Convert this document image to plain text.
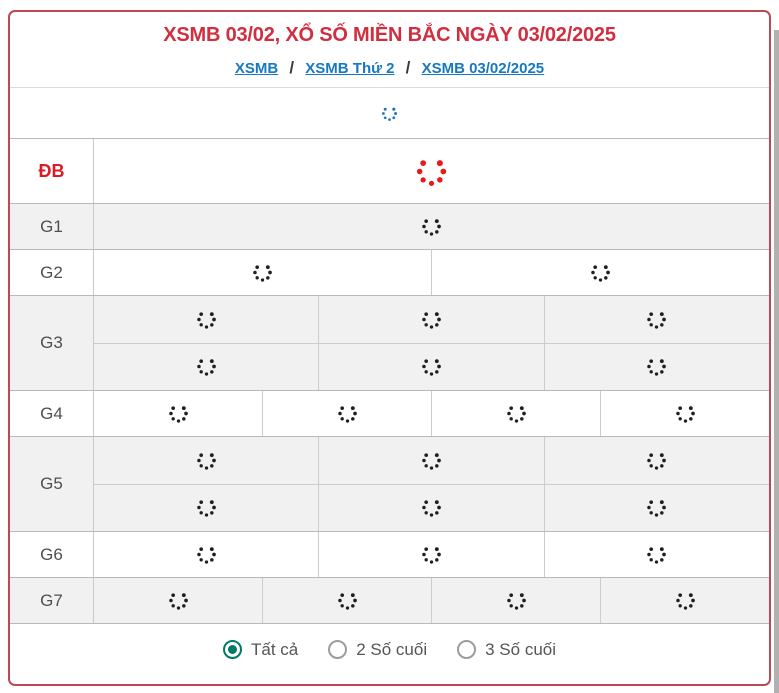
XSMB 03/02, XỔ SỐ MIỀN BẮC NGÀY 03/02/2025
XSMB / XSMB Thứ 2 / XSMB 03/02/2025
ĐB
G1
G2
G3
G4
G5
G6
G7
Tất cả	2 Số cuối	3 Số cuối
